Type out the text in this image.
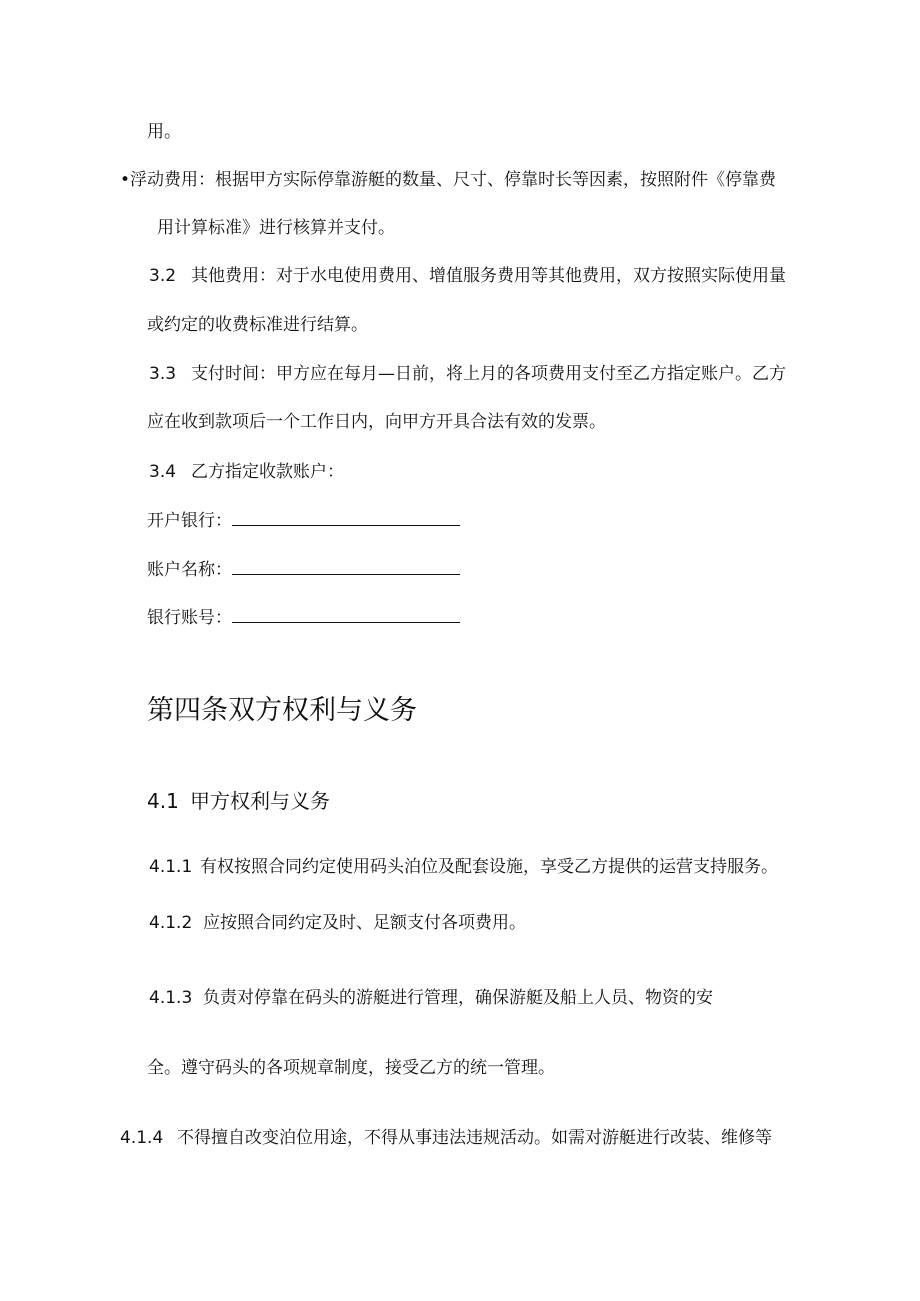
用。
•浮动费用：根据甲方实际停靠游艇的数量、尺寸、停靠时长等因素，按照附件《停靠费
用计算标准》进行核算并支付。
3.2 其他费用：对于水电使用费用、增值服务费用等其他费用，双方按照实际使用量
或约定的收费标准进行结算。
3.3 支付时间：甲方应在每月—日前，将上月的各项费用支付至乙方指定账户。乙方
应在收到款项后一个工作日内，向甲方开具合法有效的发票。
3.4 乙方指定收款账户：
开户银行：
账户名称：
银行账号：
第四条双方权利与义务
4.1 甲方权利与义务
4.1.1 有权按照合同约定使用码头泊位及配套设施，享受乙方提供的运营支持服务。
4.1.2 应按照合同约定及时、足额支付各项费用。
4.1.3 负责对停靠在码头的游艇进行管理，确保游艇及船上人员、物资的安
全。遵守码头的各项规章制度，接受乙方的统一管理。
4.1.4 不得擅自改变泊位用途，不得从事违法违规活动。如需对游艇进行改装、维修等
